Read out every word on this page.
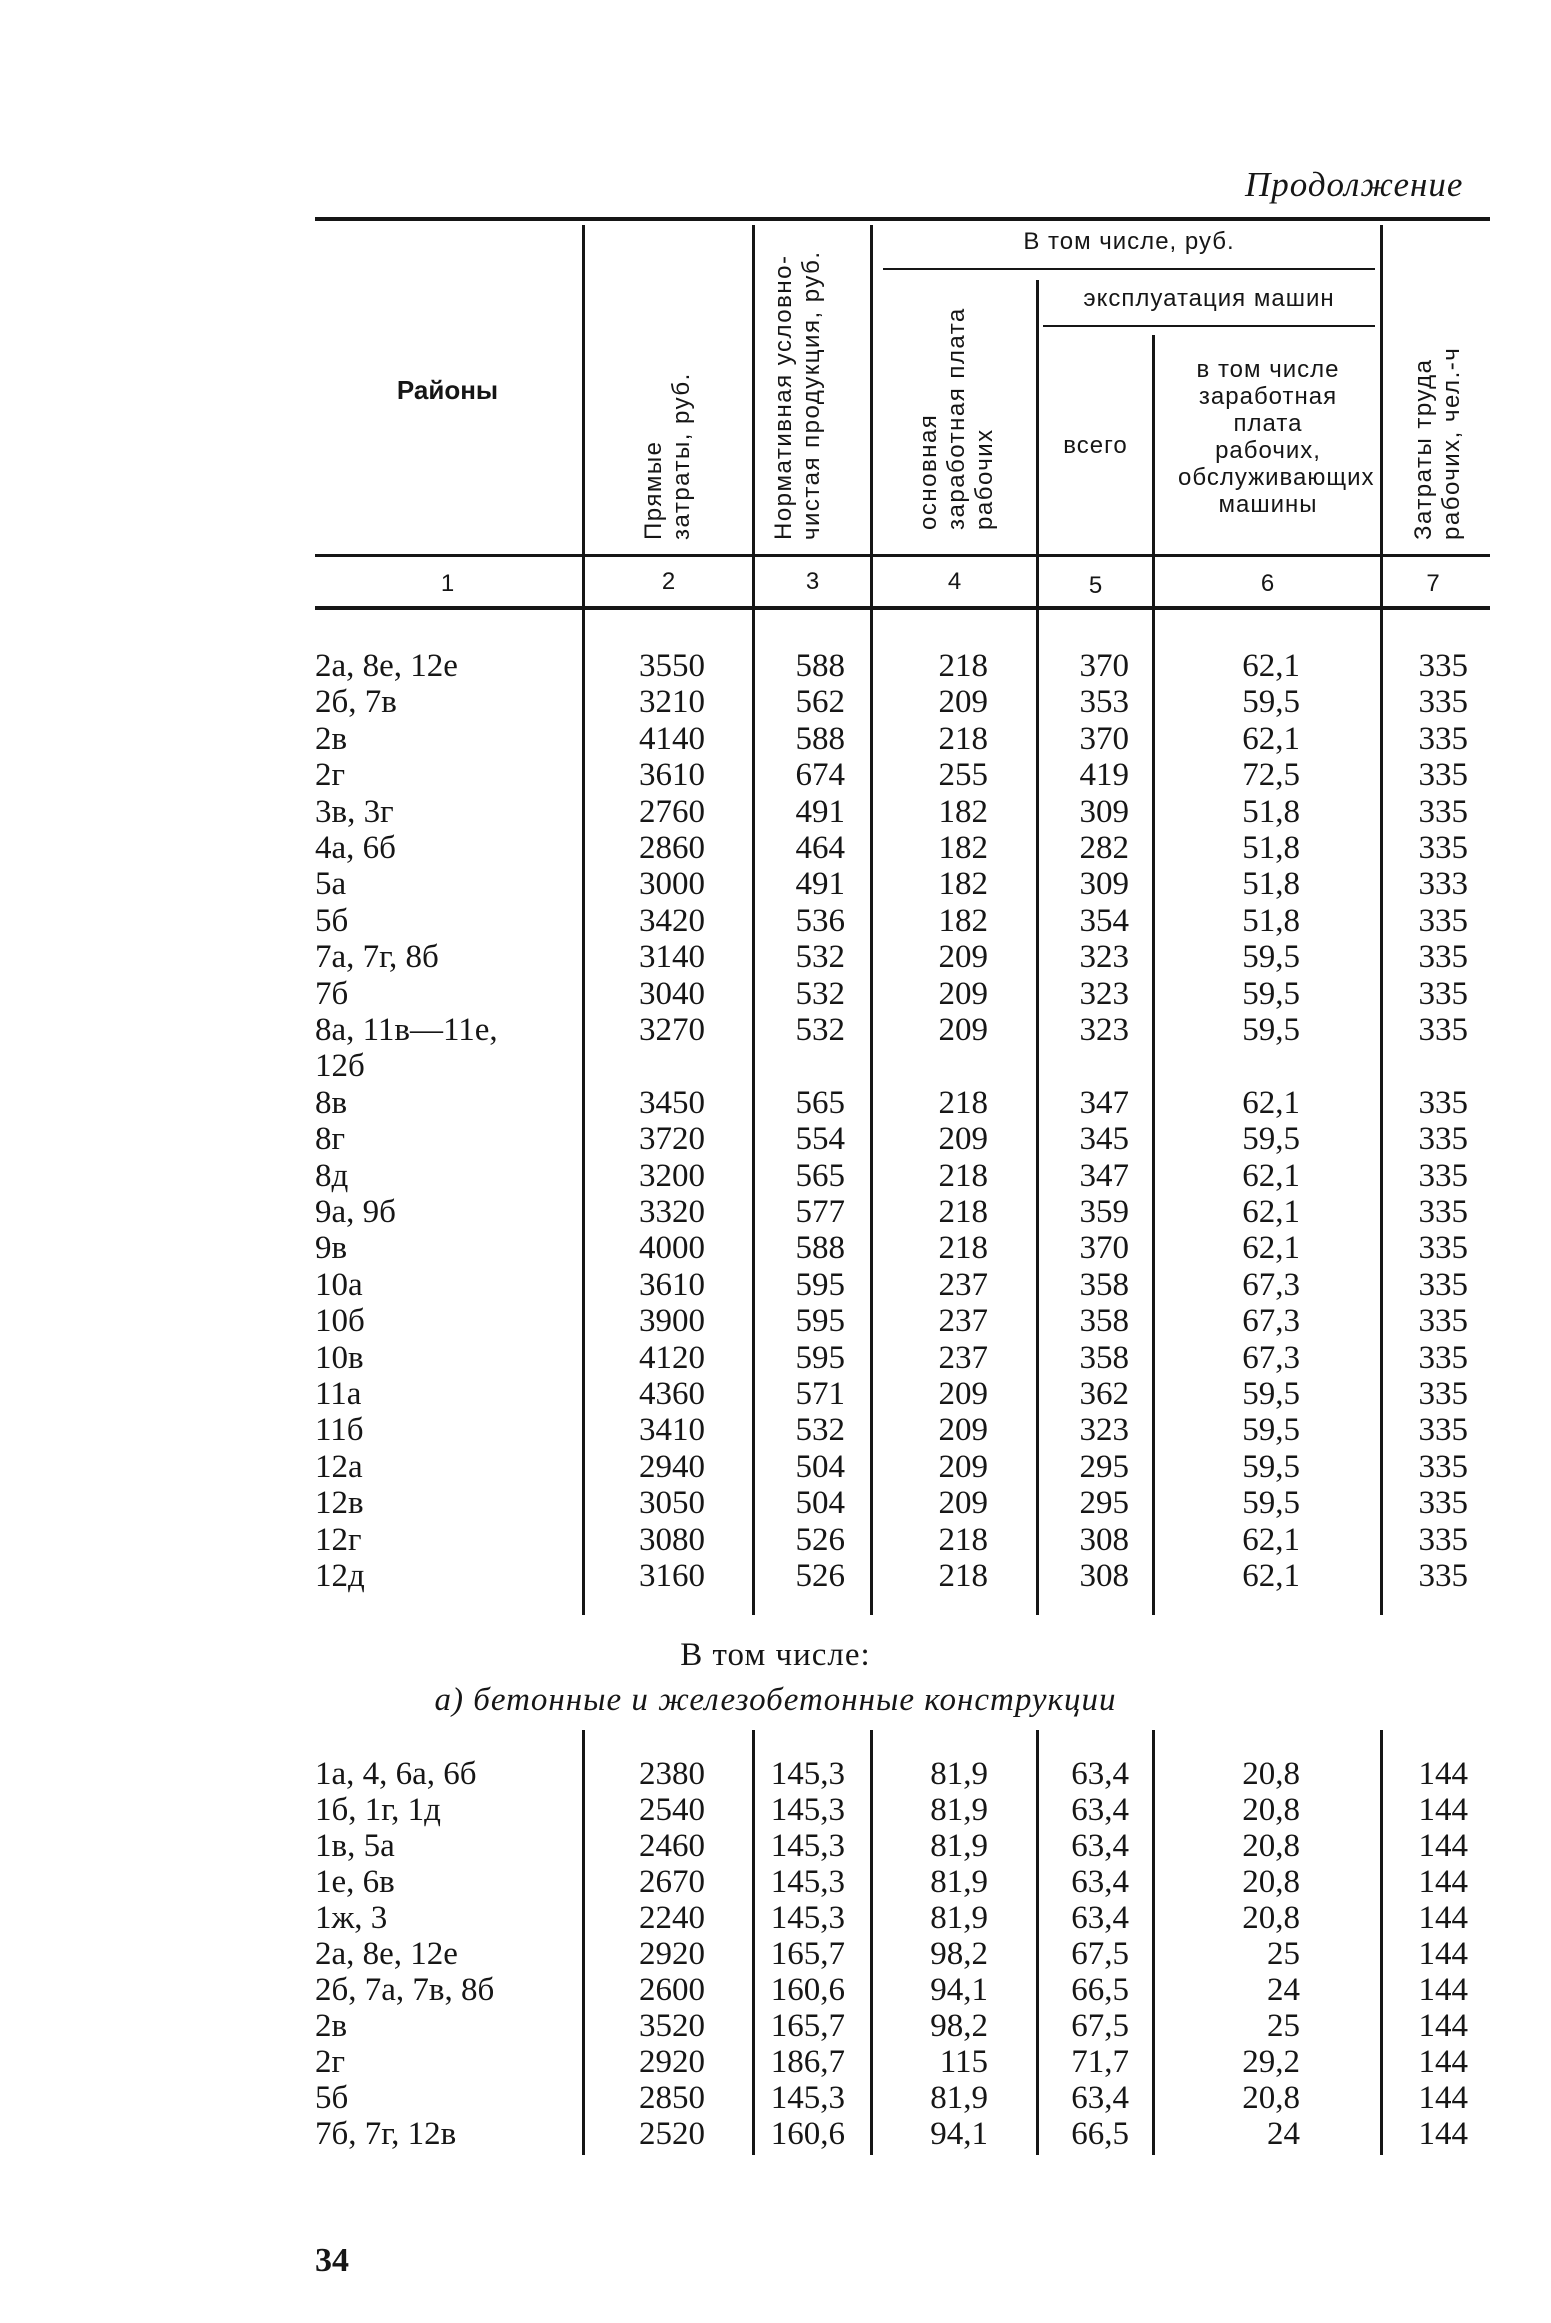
Продолжение
Районы
Прямые затраты, руб.	Нормативная условно-чистая продукция, руб.
В том числе, руб.
основная заработная плата рабочих
эксплуатация машин
всего
в том числе заработная плата рабочих, обслуживающих машины	Затраты труда рабочих, чел.-ч
1	2	3	4	5	6	7
2а, 8е, 12е	3550	588	218	370	62,1	335
2б, 7в	3210	562	209	353	59,5	335
2в	4140	588	218	370	62,1	335
2г	3610	674	255	419	72,5	335
3в, 3г	2760	491	182	309	51,8	335
4а, 6б	2860	464	182	282	51,8	335
5а	3000	491	182	309	51,8	333
5б	3420	536	182	354	51,8	335
7а, 7г, 8б	3140	532	209	323	59,5	335
7б	3040	532	209	323	59,5	335
8а, 11в—11е,	3270	532	209	323	59,5	335
12б
8в	3450	565	218	347	62,1	335
8г	3720	554	209	345	59,5	335
8д	3200	565	218	347	62,1	335
9а, 9б	3320	577	218	359	62,1	335
9в	4000	588	218	370	62,1	335
10а	3610	595	237	358	67,3	335
10б	3900	595	237	358	67,3	335
10в	4120	595	237	358	67,3	335
11а	4360	571	209	362	59,5	335
11б	3410	532	209	323	59,5	335
12а	2940	504	209	295	59,5	335
12в	3050	504	209	295	59,5	335
12г	3080	526	218	308	62,1	335
12д	3160	526	218	308	62,1	335
В том числе:
а) бетонные и железобетонные конструкции
1а, 4, 6а, 6б	2380	145,3	81,9	63,4	20,8	144
1б, 1г, 1д	2540	145,3	81,9	63,4	20,8	144
1в, 5а	2460	145,3	81,9	63,4	20,8	144
1е, 6в	2670	145,3	81,9	63,4	20,8	144
1ж, 3	2240	145,3	81,9	63,4	20,8	144
2а, 8е, 12е	2920	165,7	98,2	67,5	25	144
2б, 7а, 7в, 8б	2600	160,6	94,1	66,5	24	144
2в	3520	165,7	98,2	67,5	25	144
2г	2920	186,7	115	71,7	29,2	144
5б	2850	145,3	81,9	63,4	20,8	144
7б, 7г, 12в	2520	160,6	94,1	66,5	24	144
34
